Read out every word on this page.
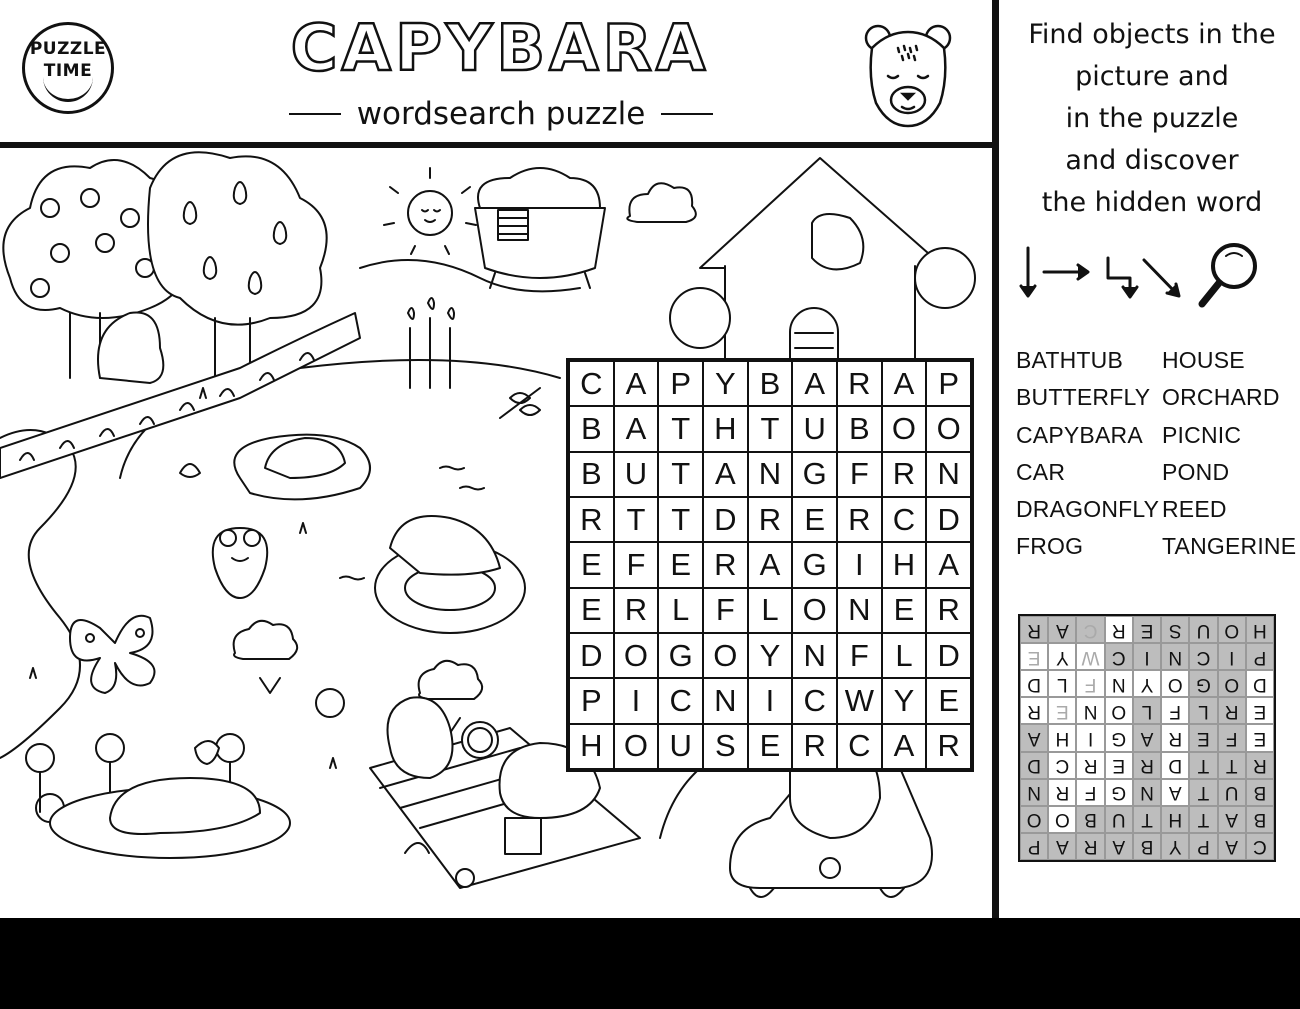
PUZZLE
TIME	CAPYBARA
wordsearch puzzle
C A P Y B A R A P
B A T H T U B O O
B U T A N G F R N
R T T D R E R C D
E F E R A G I H A
E R L F L O N E R
D O G O Y N F L D
P I C N I C W Y E
H O U S E R C A R
Find objects in the
picture and
in the puzzle
and discover
the hidden word
BATHTUB
BUTTERFLY
CAPYBARA
CAR
DRAGONFLY
FROG
HOUSE
ORCHARD
PICNIC
POND
REED
TANGERINE
C
A
P
Y
B
A
R
A
P
B
A
T
H
T
U
B
O
O
B
U
T
A
N
G
F
R
N
R
T
T
D
R
E
R
C
D
E
F
E
R
A
G
I
H
A
E
R
L
F
L
O
N
E
R
D
O
G
O
Y
N
F
L
D
P
I
C
N
I
C
W
Y
E
H
O
U
S
E
R
C
A
R
